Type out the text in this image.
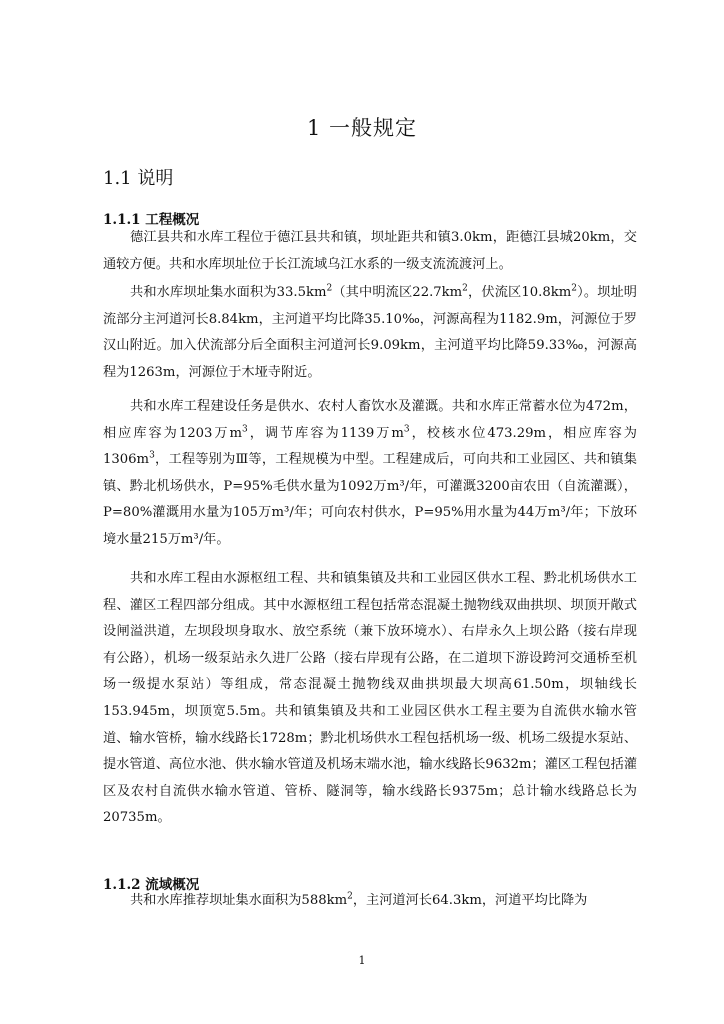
1 一般规定
1.1 说明
1.1.1 工程概况

德江县共和水库工程位于德江县共和镇，坝址距共和镇3.0km，距德江县城20km，交通较方便。共和水库坝址位于长江流域乌江水系的一级支流流渡河上。

共和水库坝址集水面积为$33.5km^2$（其中明流区$22.7km^2$，伏流区$10.8km^2$）。坝址明流部分主河道河长8.84km，主河道平均比降35.10‰，河源高程为1182.9m，河源位于罗汉山附近。加入伏流部分后全面积主河道河长9.09km，主河道平均比降59.33‰，河源高程为1263m，河源位于木垭寺附近。

共和水库工程建设任务是供水、农村人畜饮水及灌溉。共和水库正常蓄水位为472m，相应库容为1203万$m^3$，调节库容为1139万$m^3$，校核水位473.29m，相应库容为$1306m^3$，工程等别为Ⅲ等，工程规模为中型。工程建成后，可向共和工业园区、共和镇集镇、黔北机场供水，P=95%毛供水量为1092万m³/年，可灌溉3200亩农田（自流灌溉），P=80%灌溉用水量为105万m³/年；可向农村供水，P=95%用水量为44万m³/年；下放环境水量215万m³/年。

共和水库工程由水源枢纽工程、共和镇集镇及共和工业园区供水工程、黔北机场供水工程、灌区工程四部分组成。其中水源枢纽工程包括常态混凝土抛物线双曲拱坝、坝顶开敞式设闸溢洪道，左坝段坝身取水、放空系统（兼下放环境水）、右岸永久上坝公路（接右岸现有公路），机场一级泵站永久进厂公路（接右岸现有公路，在二道坝下游设跨河交通桥至机场一级提水泵站）等组成，常态混凝土抛物线双曲拱坝最大坝高61.50m，坝轴线长153.945m，坝顶宽5.5m。共和镇集镇及共和工业园区供水工程主要为自流供水输水管道、输水管桥，输水线路长1728m；黔北机场供水工程包括机场一级、机场二级提水泵站、提水管道、高位水池、供水输水管道及机场末端水池，输水线路长9632m；灌区工程包括灌区及农村自流供水输水管道、管桥、隧洞等，输水线路长9375m；总计输水线路总长为20735m。

1.1.2 流域概况

共和水库推荐坝址集水面积为$588km^2$，主河道河长64.3km，河道平均比降为

1
